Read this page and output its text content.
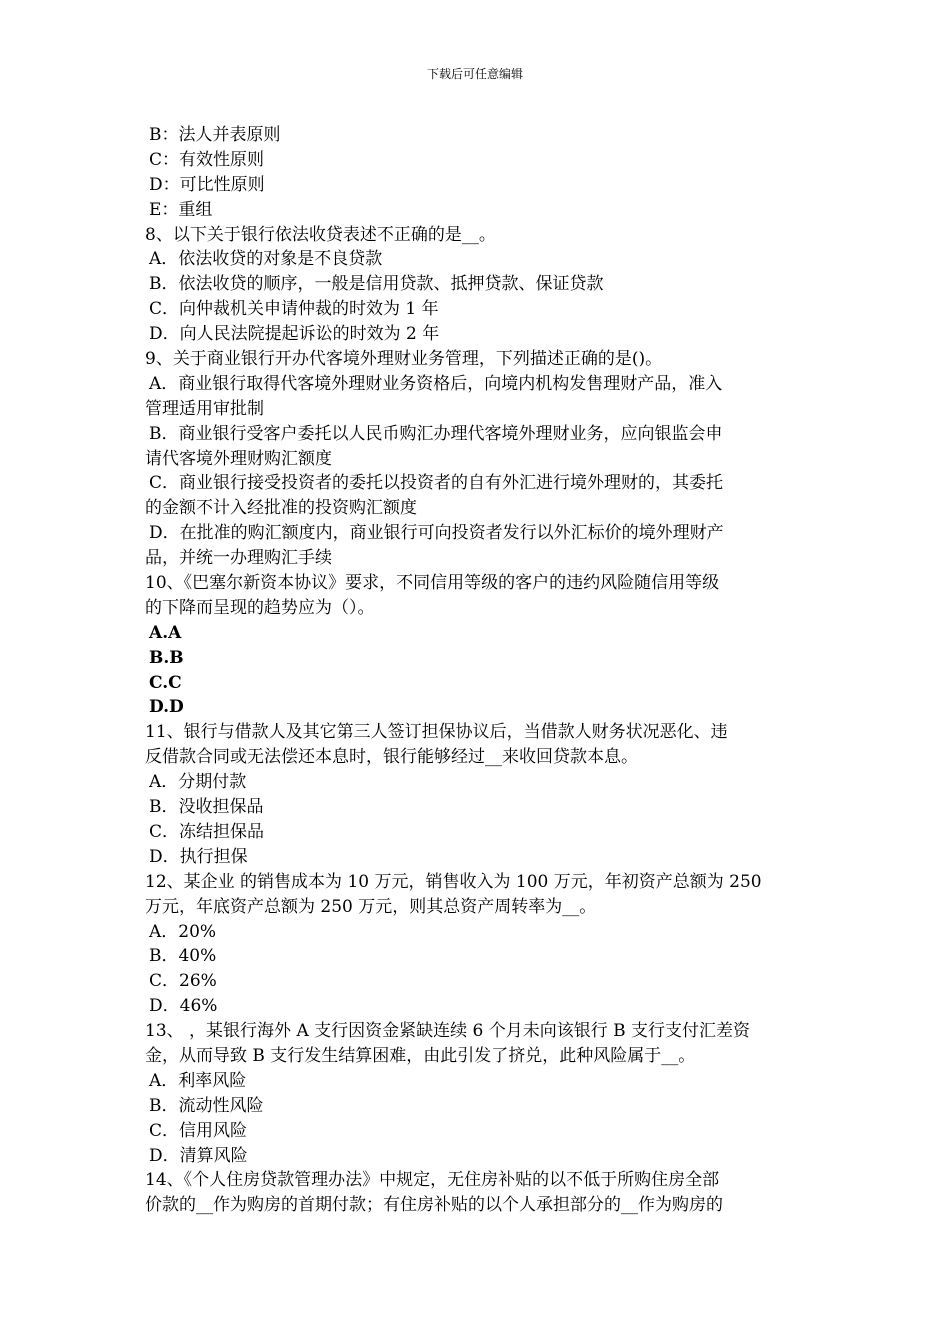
下载后可任意编辑
B：法人并表原则
C：有效性原则
D：可比性原则
E：重组
8、以下关于银行依法收贷表述不正确的是__。
A．依法收贷的对象是不良贷款
B．依法收贷的顺序，一般是信用贷款、抵押贷款、保证贷款
C．向仲裁机关申请仲裁的时效为 1 年
D．向人民法院提起诉讼的时效为 2 年
9、关于商业银行开办代客境外理财业务管理，下列描述正确的是()。
A．商业银行取得代客境外理财业务资格后，向境内机构发售理财产品，准入
管理适用审批制
B．商业银行受客户委托以人民币购汇办理代客境外理财业务，应向银监会申
请代客境外理财购汇额度
C．商业银行接受投资者的委托以投资者的自有外汇进行境外理财的，其委托
的金额不计入经批准的投资购汇额度
D．在批准的购汇额度内，商业银行可向投资者发行以外汇标价的境外理财产
品，并统一办理购汇手续
10、《巴塞尔新资本协议》要求，不同信用等级的客户的违约风险随信用等级
的下降而呈现的趋势应为（）。
A.A
B.B
C.C
D.D
11、银行与借款人及其它第三人签订担保协议后，当借款人财务状况恶化、违
反借款合同或无法偿还本息时，银行能够经过__来收回贷款本息。
A．分期付款
B．没收担保品
C．冻结担保品
D．执行担保
12、某企业 的销售成本为 10 万元，销售收入为 100 万元，年初资产总额为 250
万元，年底资产总额为 250 万元，则其总资产周转率为__。
A．20%
B．40%
C．26%
D．46%
13、 ，某银行海外 A 支行因资金紧缺连续 6 个月未向该银行 B 支行支付汇差资
金，从而导致 B 支行发生结算困难，由此引发了挤兑，此种风险属于__。
A．利率风险
B．流动性风险
C．信用风险
D．清算风险
14、《个人住房贷款管理办法》中规定，无住房补贴的以不低于所购住房全部
价款的__作为购房的首期付款；有住房补贴的以个人承担部分的__作为购房的
